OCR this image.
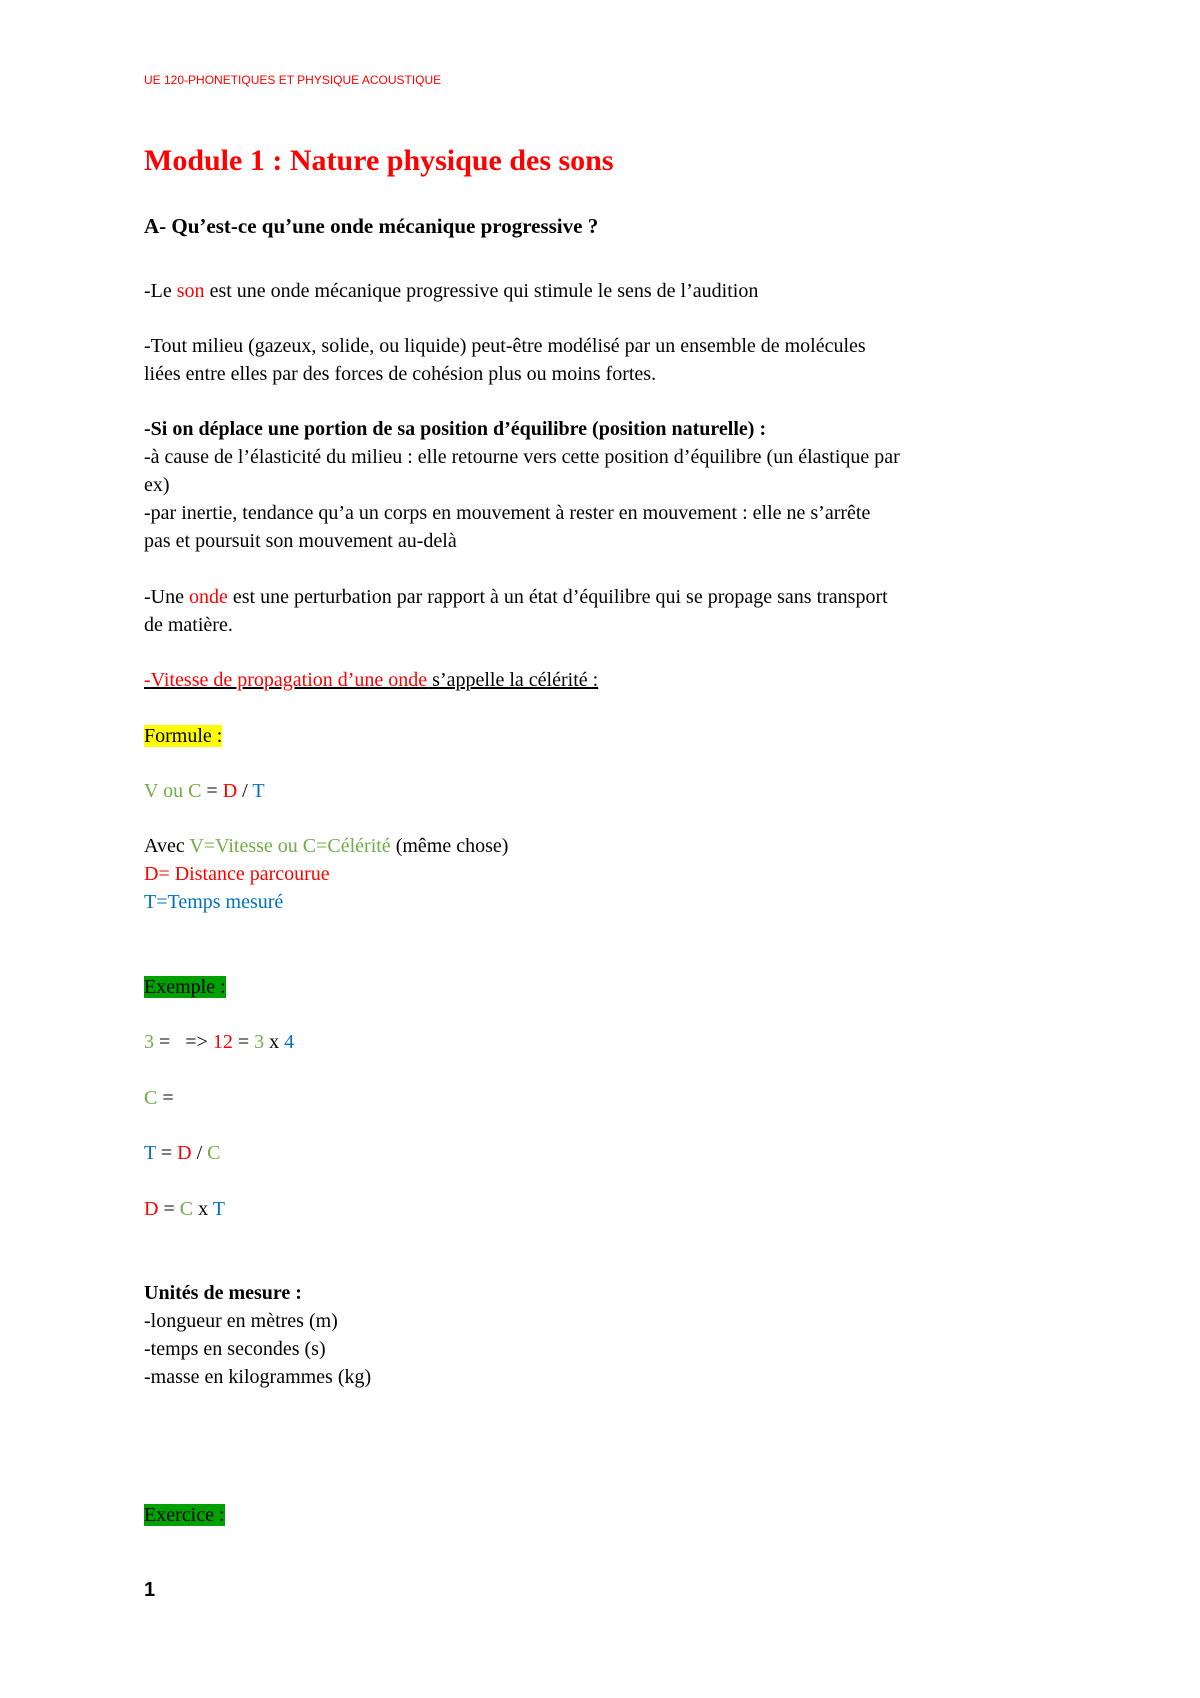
UE 120-PHONETIQUES ET PHYSIQUE ACOUSTIQUE
Module 1 : Nature physique des sons
A- Qu’est-ce qu’une onde mécanique progressive ?
-Le son est une onde mécanique progressive qui stimule le sens de l’audition
-Tout milieu (gazeux, solide, ou liquide) peut-être modélisé par un ensemble de molécules
liées entre elles par des forces de cohésion plus ou moins fortes.
-Si on déplace une portion de sa position d’équilibre (position naturelle) :
-à cause de l’élasticité du milieu : elle retourne vers cette position d’équilibre (un élastique par
ex)
-par inertie, tendance qu’a un corps en mouvement à rester en mouvement : elle ne s’arrête
pas et poursuit son mouvement au-delà
-Une onde est une perturbation par rapport à un état d’équilibre qui se propage sans transport
de matière.
-Vitesse de propagation d’une onde s’appelle la célérité :
Formule :
V ou C = D / T
Avec V=Vitesse ou C=Célérité (même chose)
D= Distance parcourue
T=Temps mesuré
Exemple :
3 =   => 12 = 3 x 4
C =
T = D / C
D = C x T
Unités de mesure :
-longueur en mètres (m)
-temps en secondes (s)
-masse en kilogrammes (kg)
Exercice :
1
